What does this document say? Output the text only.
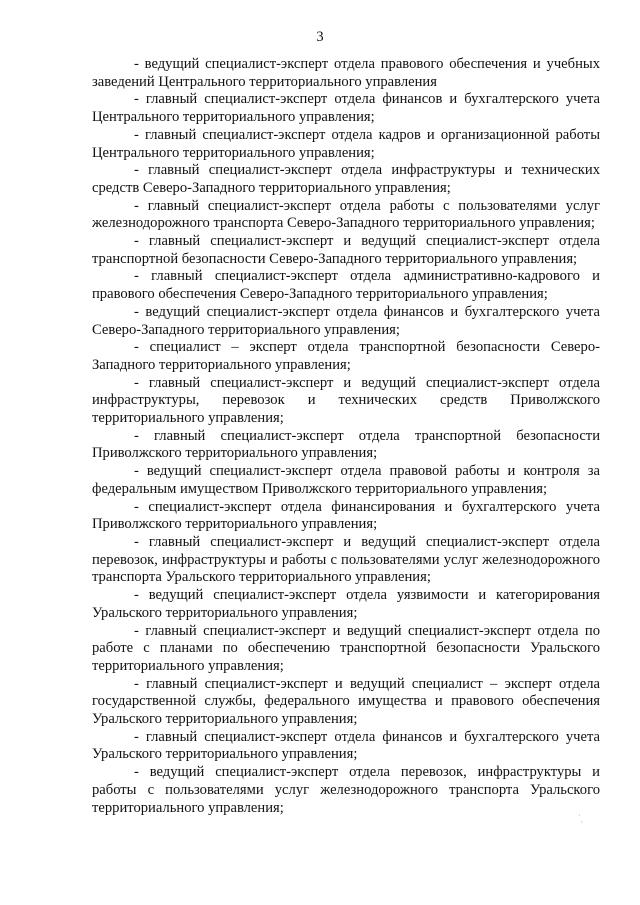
3

- ведущий специалист-эксперт отдела правового обеспечения и учебных заведений Центрального территориального управления

- главный специалист-эксперт отдела финансов и бухгалтерского учета Центрального территориального управления;

- главный специалист-эксперт отдела кадров и организационной работы Центрального территориального управления;

- главный специалист-эксперт отдела инфраструктуры и технических средств Северо-Западного территориального управления;

- главный специалист-эксперт отдела работы с пользователями услуг железнодорожного транспорта Северо-Западного территориального управления;

- главный специалист-эксперт и ведущий специалист-эксперт отдела транспортной безопасности Северо-Западного территориального управления;

- главный специалист-эксперт отдела административно-кадрового и правового обеспечения Северо-Западного территориального управления;

- ведущий специалист-эксперт отдела финансов и бухгалтерского учета Северо-Западного территориального управления;

- специалист – эксперт отдела транспортной безопасности Северо-Западного территориального управления;

- главный специалист-эксперт и ведущий специалист-эксперт отдела инфраструктуры, перевозок и технических средств Приволжского территориального управления;

- главный специалист-эксперт отдела транспортной безопасности Приволжского территориального управления;

- ведущий специалист-эксперт отдела правовой работы и контроля за федеральным имуществом Приволжского территориального управления;

- специалист-эксперт отдела финансирования и бухгалтерского учета Приволжского территориального управления;

- главный специалист-эксперт и ведущий специалист-эксперт отдела перевозок, инфраструктуры и работы с пользователями услуг железнодорожного транспорта Уральского территориального управления;

- ведущий специалист-эксперт отдела уязвимости и категорирования Уральского территориального управления;

- главный специалист-эксперт и ведущий специалист-эксперт отдела по работе с планами по обеспечению транспортной безопасности Уральского территориального управления;

- главный специалист-эксперт и ведущий специалист – эксперт отдела государственной службы, федерального имущества и правового обеспечения Уральского территориального управления;

- главный специалист-эксперт отдела финансов и бухгалтерского учета Уральского территориального управления;

- ведущий специалист-эксперт отдела перевозок, инфраструктуры и работы с пользователями услуг железнодорожного транспорта Уральского территориального управления;	·
·
